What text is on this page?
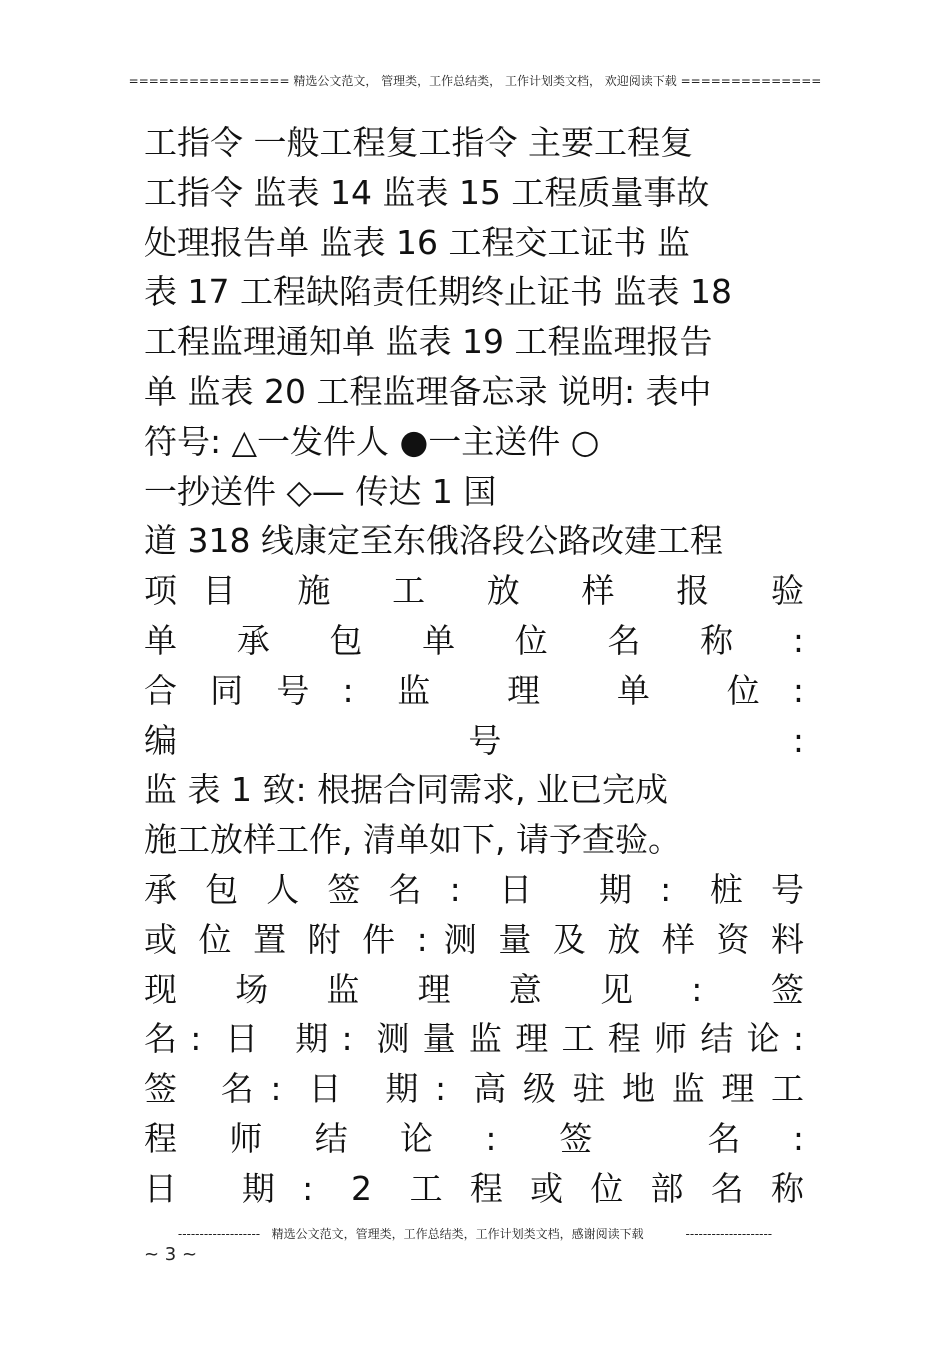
================ 精选公文范文， 管理类，工作总结类， 工作计划类文档， 欢迎阅读下载 ==============
工指令 一般工程复工指令 主要工程复
工指令 监表 14 监表 15 工程质量事故
处理报告单 监表 16 工程交工证书 监
表 17 工程缺陷责任期终止证书 监表 18
工程监理通知单 监表 19 工程监理报告
单 监表 20 工程监理备忘录 说明: 表中
符号: △一发件人 ●一主送件 ○
一抄送件 ◇— 传达 1 国
道 318 线康定至东俄洛段公路改建工程
项目 施 工 放 样 报 验
单 承 包 单 位 名 称 :
合同号: 监 理 单 位:
编 号 :
监 表 1 致: 根据合同需求, 业已完成
施工放样工作, 清单如下, 请予查验。
承包人签名: 日 期: 桩号
或 位 置 附 件 : 测 量 及 放 样 资 料
现场监理意见: 签
名: 日 期: 测量监理工程师结论:
签 名: 日 期: 高级驻地监理工
程师结论: 签 名:
日 期: 2 工程或位部名称
-------------------   精选公文范文，管理类，工作总结类，工作计划类文档，感谢阅读下载           --------------------
~ 3 ~
